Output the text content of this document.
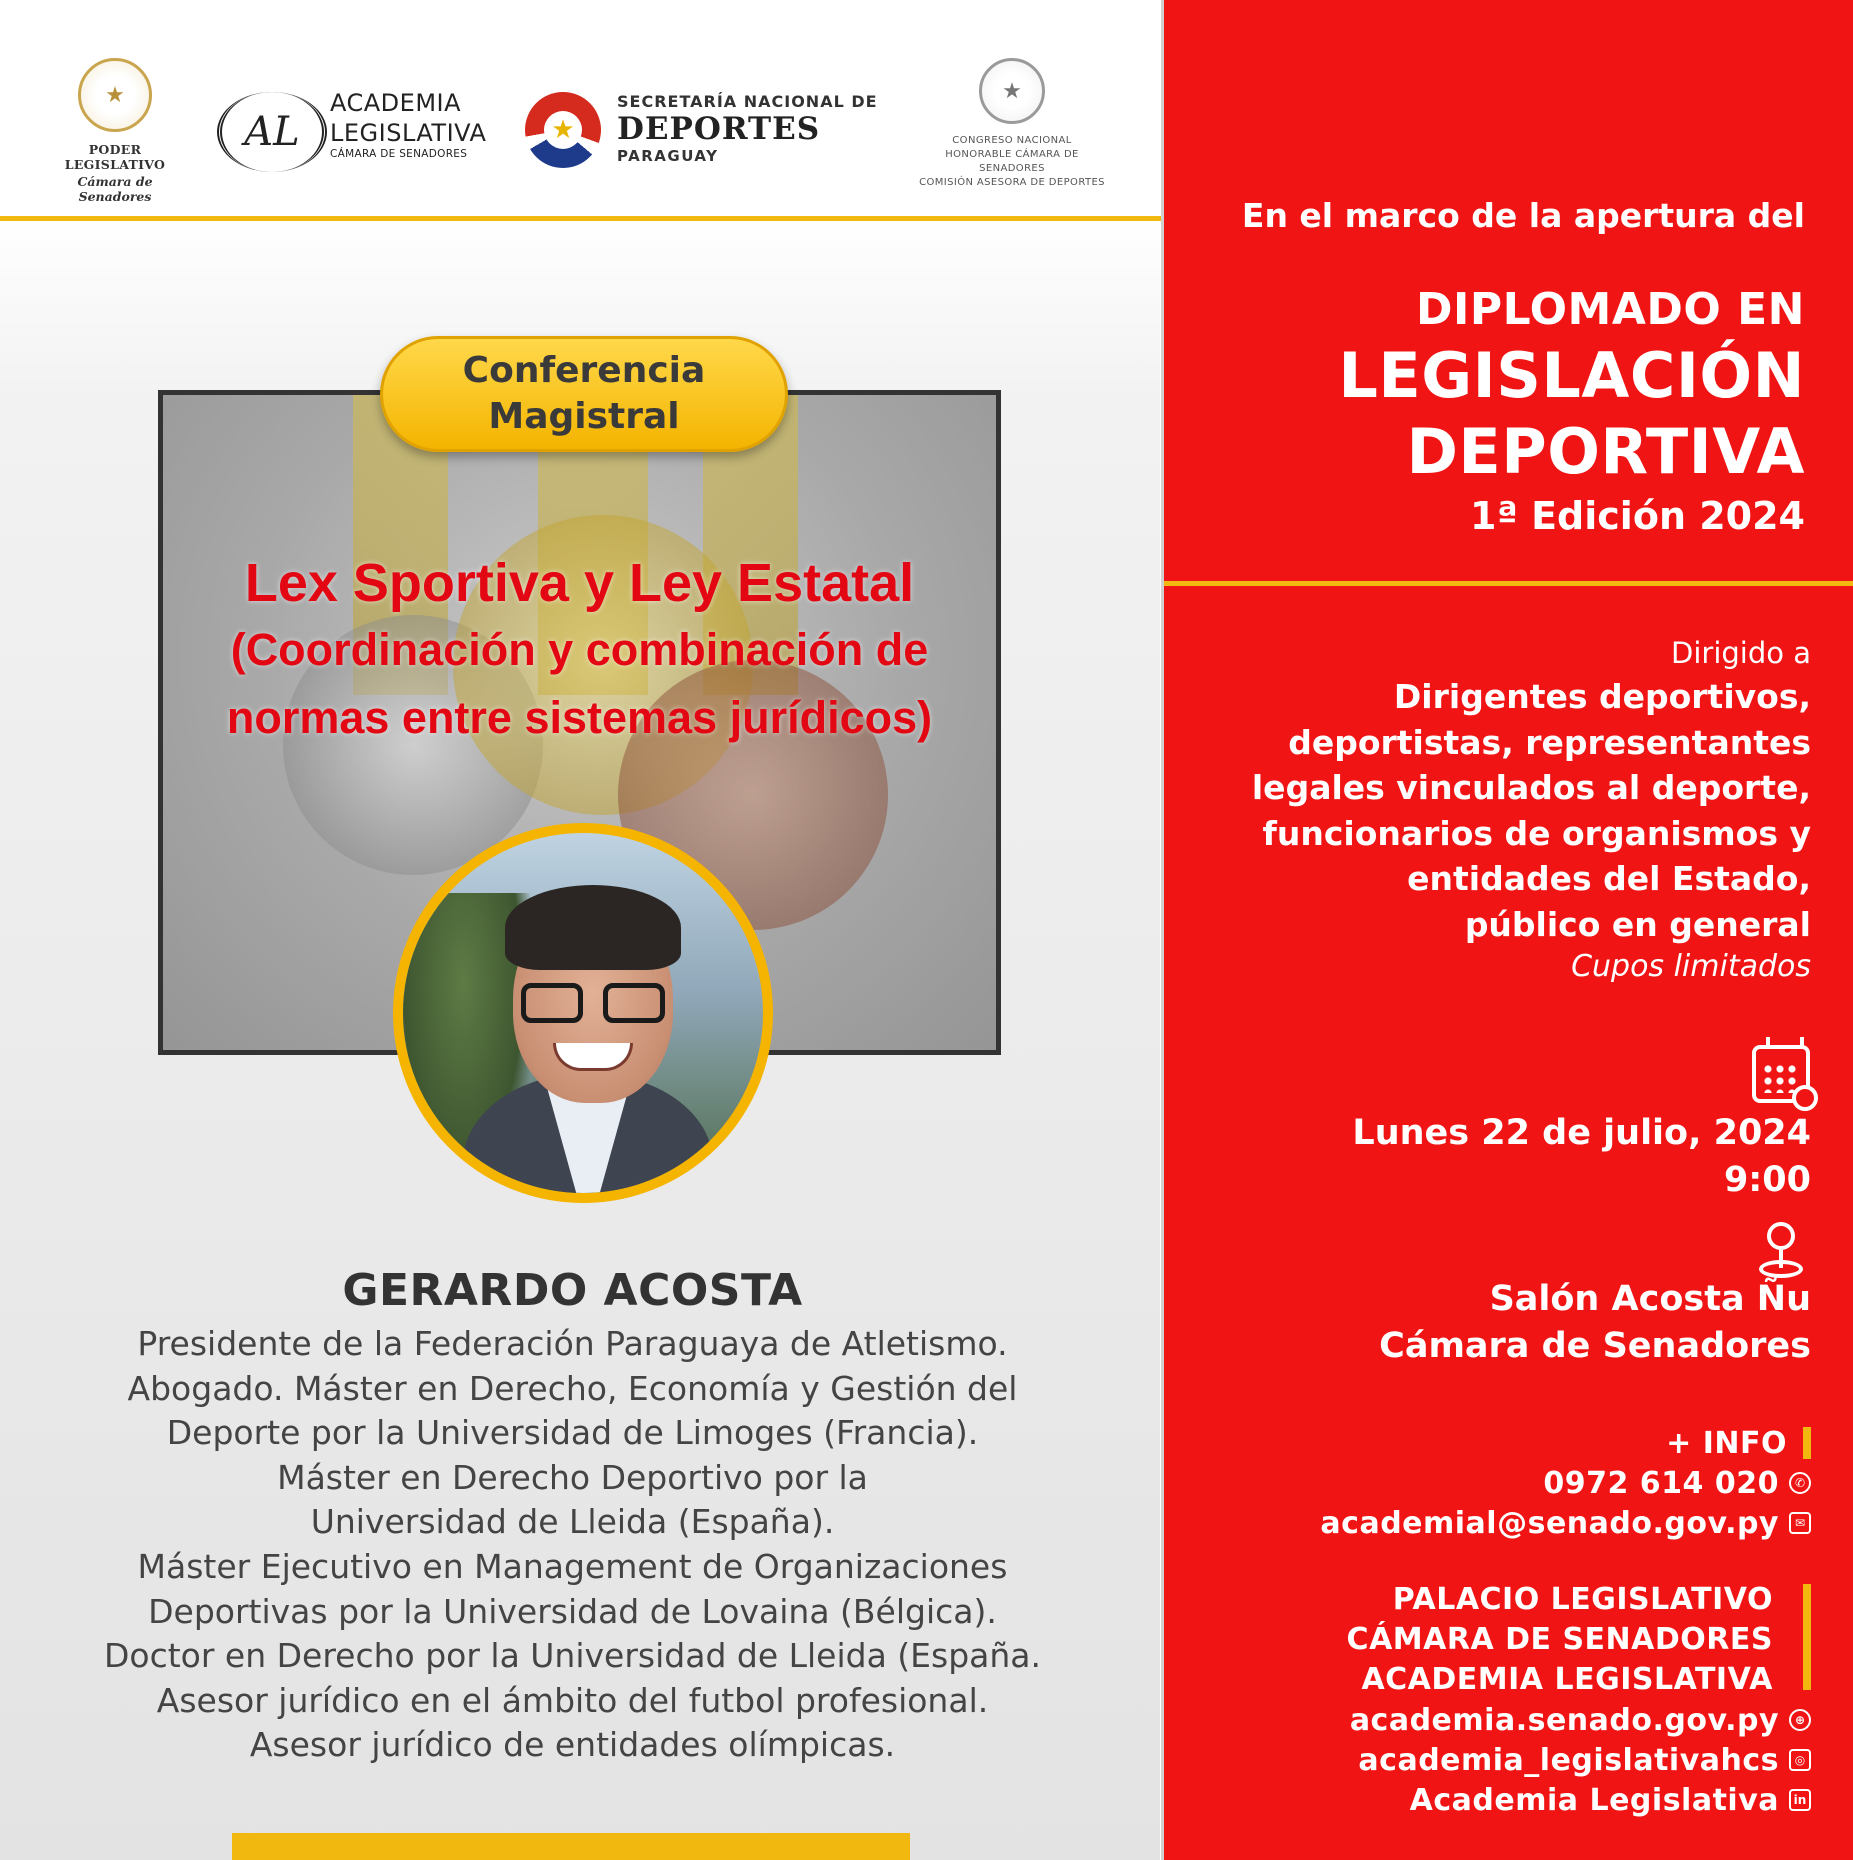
★
PODER LEGISLATIVO
Cámara de Senadores
AL
ACADEMIA
LEGISLATIVA
CÁMARA DE SENADORES
★
SECRETARÍA NACIONAL DE
DEPORTES
PARAGUAY
★
CONGRESO NACIONAL
HONORABLE CÁMARA DE SENADORES
COMISIÓN ASESORA DE DEPORTES
Lex Sportiva y Ley Estatal
(Coordinación y combinación de
normas entre sistemas jurídicos)
Conferencia
Magistral
GERARDO ACOSTA
Presidente de la Federación Paraguaya de Atletismo.
Abogado. Máster en Derecho, Economía y Gestión del
Deporte por la Universidad de Limoges (Francia).
Máster en Derecho Deportivo por la
Universidad de Lleida (España).
Máster Ejecutivo en Management de Organizaciones
Deportivas por la Universidad de Lovaina (Bélgica).
Doctor en Derecho por la Universidad de Lleida (España.
Asesor jurídico en el ámbito del futbol profesional.
Asesor jurídico de entidades olímpicas.
En el marco de la apertura del
DIPLOMADO EN
LEGISLACIÓN
DEPORTIVA
1ª Edición 2024
Dirigido a
Dirigentes deportivos,
deportistas, representantes
legales vinculados al deporte,
funcionarios de organismos y
entidades del Estado,
público en general
Cupos limitados
Lunes 22 de julio, 2024
9:00
Salón Acosta Ñu
Cámara de Senadores
+ INFO
0972 614 020	✆
academial@senado.gov.py	✉
PALACIO LEGISLATIVO
CÁMARA DE SENADORES
ACADEMIA LEGISLATIVA
academia.senado.gov.py	⊕
academia_legislativahcs	◎
Academia Legislativa	in
